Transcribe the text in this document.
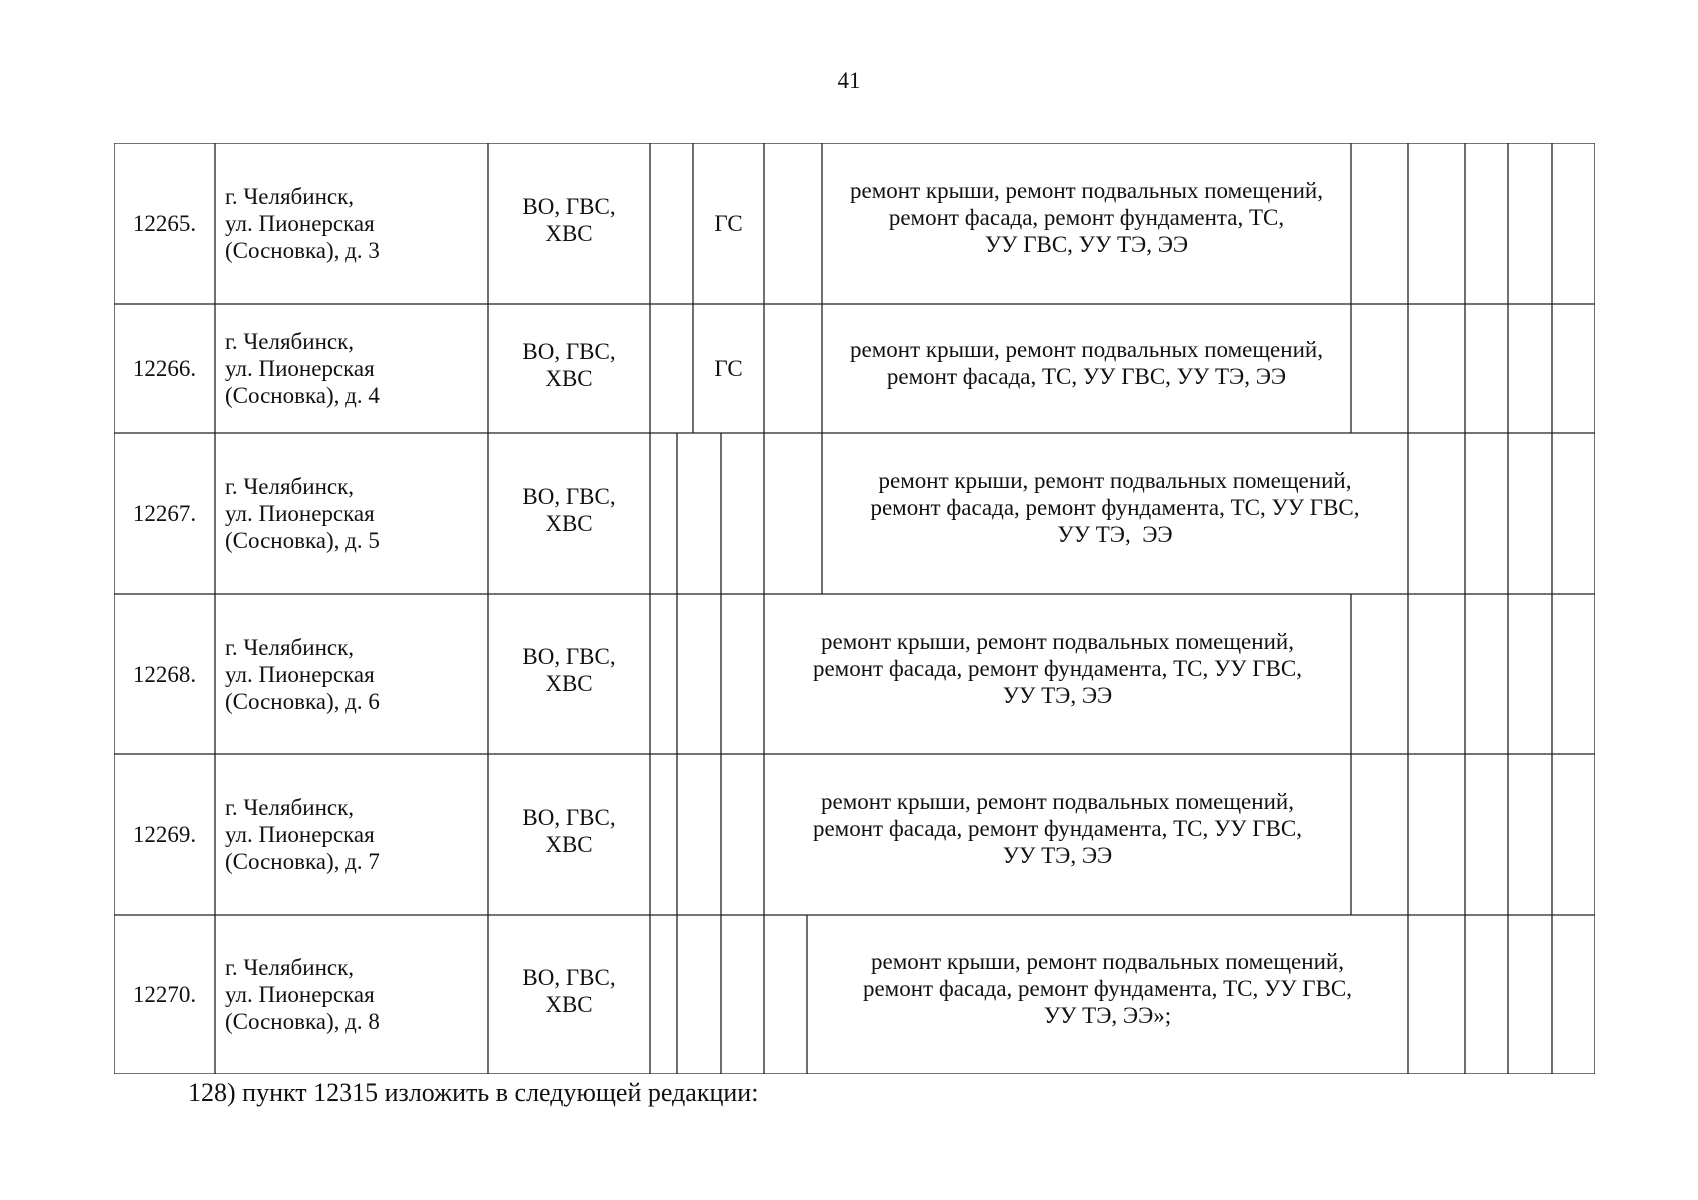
41
12265.
г. Челябинск,
ул. Пионерская
(Сосновка), д. 3
ВО, ГВС,
ХВС	ГС
ремонт крыши, ремонт подвальных помещений,
ремонт фасада, ремонт фундамента, ТС,
УУ ГВС, УУ ТЭ, ЭЭ
12266.
г. Челябинск,
ул. Пионерская
(Сосновка), д. 4
ВО, ГВС,
ХВС	ГС
ремонт крыши, ремонт подвальных помещений,
ремонт фасада, ТС, УУ ГВС, УУ ТЭ, ЭЭ
12267.
г. Челябинск,
ул. Пионерская
(Сосновка), д. 5
ВО, ГВС,
ХВС
ремонт крыши, ремонт подвальных помещений,
ремонт фасада, ремонт фундамента, ТС, УУ ГВС,
УУ ТЭ,  ЭЭ
12268.
г. Челябинск,
ул. Пионерская
(Сосновка), д. 6
ВО, ГВС,
ХВС
ремонт крыши, ремонт подвальных помещений,
ремонт фасада, ремонт фундамента, ТС, УУ ГВС,
УУ ТЭ, ЭЭ
12269.
г. Челябинск,
ул. Пионерская
(Сосновка), д. 7
ВО, ГВС,
ХВС
ремонт крыши, ремонт подвальных помещений,
ремонт фасада, ремонт фундамента, ТС, УУ ГВС,
УУ ТЭ, ЭЭ
12270.
г. Челябинск,
ул. Пионерская
(Сосновка), д. 8
ВО, ГВС,
ХВС
ремонт крыши, ремонт подвальных помещений,
ремонт фасада, ремонт фундамента, ТС, УУ ГВС,
УУ ТЭ, ЭЭ»;
128) пункт 12315 изложить в следующей редакции:
